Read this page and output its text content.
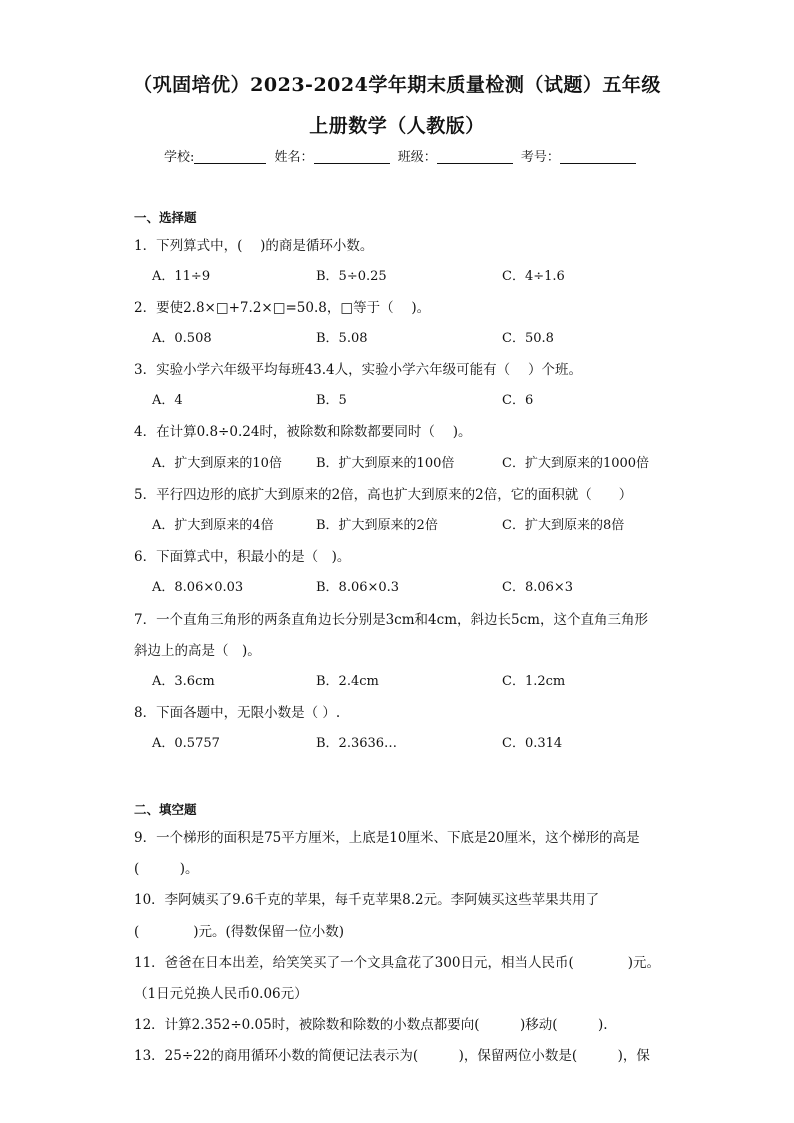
（巩固培优）2023-2024学年期末质量检测（试题）五年级
上册数学（人教版）
学校:	姓名：	班级：	考号：
一、选择题
1．下列算式中，(　 )的商是循环小数。
A．11÷9	B．5÷0.25	C．4÷1.6
2．要使2.8×□+7.2×□=50.8，□等于（　 )。
A．0.508	B．5.08	C．50.8
3．实验小学六年级平均每班43.4人，实验小学六年级可能有（　 ）个班。
A．4	B．5	C．6
4．在计算0.8÷0.24时，被除数和除数都要同时（　 )。
A．扩大到原来的10倍	B．扩大到原来的100倍	C．扩大到原来的1000倍
5．平行四边形的底扩大到原来的2倍，高也扩大到原来的2倍，它的面积就（　　）
A．扩大到原来的4倍	B．扩大到原来的2倍	C．扩大到原来的8倍
6．下面算式中，积最小的是（　)。
A．8.06×0.03	B．8.06×0.3	C．8.06×3
7．一个直角三角形的两条直角边长分别是3cm和4cm，斜边长5cm，这个直角三角形
斜边上的高是（　)。
A．3.6cm	B．2.4cm	C．1.2cm
8．下面各题中，无限小数是（ ）.
A．0.5757	B．2.3636…	C．0.314
二、填空题
9．一个梯形的面积是75平方厘米，上底是10厘米、下底是20厘米，这个梯形的高是
(　　　)。
10．李阿姨买了9.6千克的苹果，每千克苹果8.2元。李阿姨买这些苹果共用了
(　　　　)元。(得数保留一位小数)
11．爸爸在日本出差，给笑笑买了一个文具盒花了300日元，相当人民币(　　　　)元。
（1日元兑换人民币0.06元）
12．计算2.352÷0.05时，被除数和除数的小数点都要向(　　　)移动(　　　).
13．25÷22的商用循环小数的简便记法表示为(　　　)，保留两位小数是(　　　)，保
